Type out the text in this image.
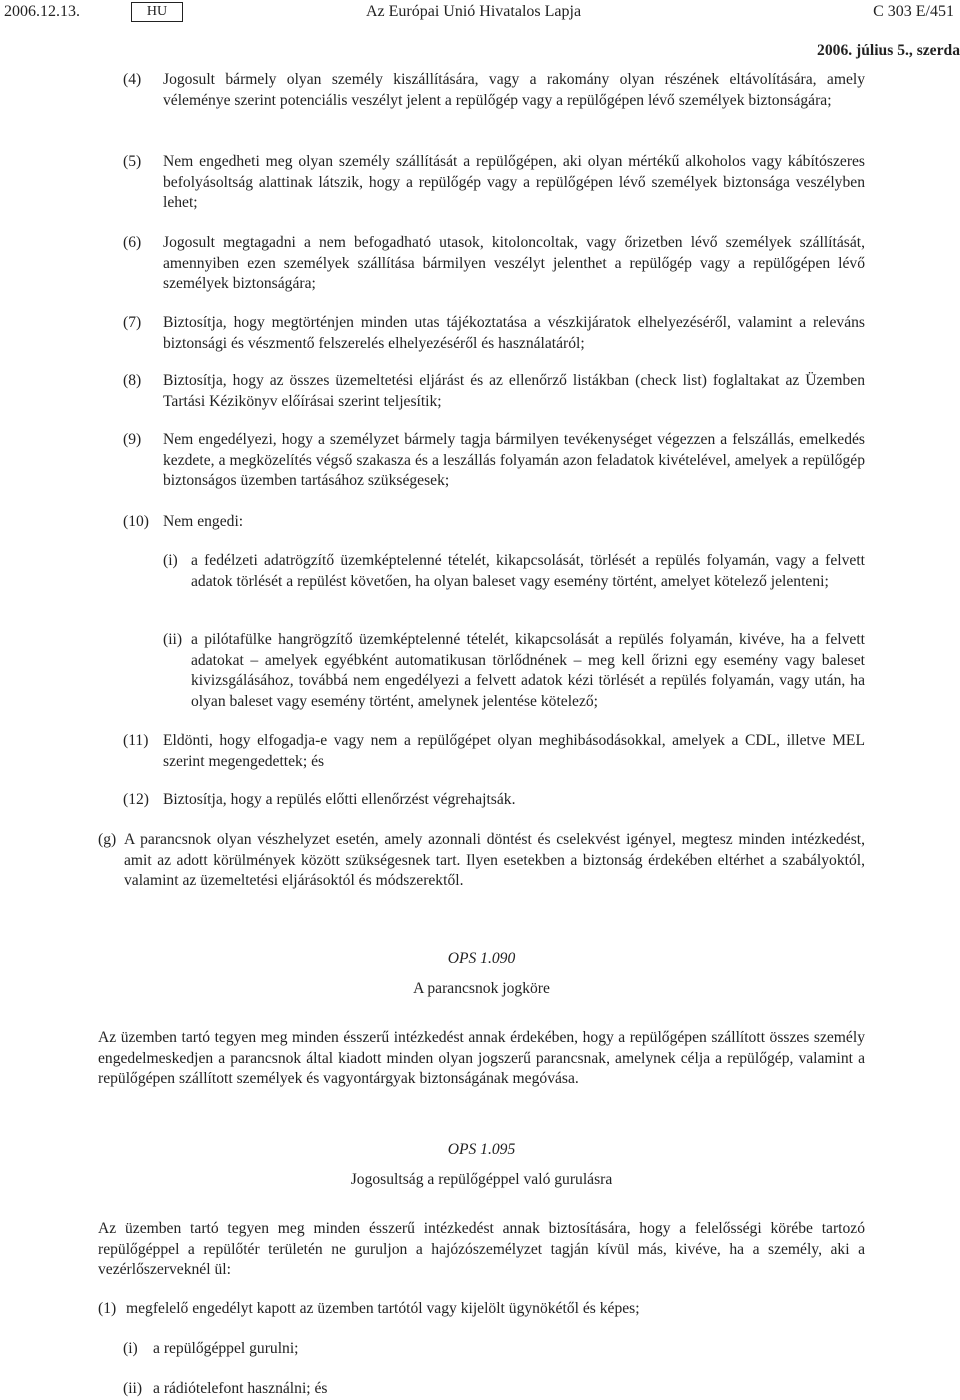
2006.12.13.	HU	Az Európai Unió Hivatalos Lapja	C 303 E/451
2006. július 5., szerda
(4) Jogosult bármely olyan személy kiszállítására, vagy a rakomány olyan részének eltávolítására, amely véleménye szerint potenciális veszélyt jelent a repülőgép vagy a repülőgépen lévő személyek biztonságára;
(5) Nem engedheti meg olyan személy szállítását a repülőgépen, aki olyan mértékű alkoholos vagy kábítószeres befolyásoltság alattinak látszik, hogy a repülőgép vagy a repülőgépen lévő személyek biztonsága veszélyben lehet;
(6) Jogosult megtagadni a nem befogadható utasok, kitoloncoltak, vagy őrizetben lévő személyek szállítását, amennyiben ezen személyek szállítása bármilyen veszélyt jelenthet a repülőgép vagy a repülőgépen lévő személyek biztonságára;
(7) Biztosítja, hogy megtörténjen minden utas tájékoztatása a vészkijáratok elhelyezéséről, valamint a releváns biztonsági és vészmentő felszerelés elhelyezéséről és használatáról;
(8) Biztosítja, hogy az összes üzemeltetési eljárást és az ellenőrző listákban (check list) foglaltakat az Üzemben Tartási Kézikönyv előírásai szerint teljesítik;
(9) Nem engedélyezi, hogy a személyzet bármely tagja bármilyen tevékenységet végezzen a felszállás, emelkedés kezdete, a megközelítés végső szakasza és a leszállás folyamán azon feladatok kivételével, amelyek a repülőgép biztonságos üzemben tartásához szükségesek;
(10) Nem engedi:
(i) a fedélzeti adatrögzítő üzemképtelenné tételét, kikapcsolását, törlését a repülés folyamán, vagy a felvett adatok törlését a repülést követően, ha olyan baleset vagy esemény történt, amelyet kötelező jelenteni;
(ii) a pilótafülke hangrögzítő üzemképtelenné tételét, kikapcsolását a repülés folyamán, kivéve, ha a felvett adatokat – amelyek egyébként automatikusan törlődnének – meg kell őrizni egy esemény vagy baleset kivizsgálásához, továbbá nem engedélyezi a felvett adatok kézi törlését a repülés folyamán, vagy után, ha olyan baleset vagy esemény történt, amelynek jelentése kötelező;
(11) Eldönti, hogy elfogadja-e vagy nem a repülőgépet olyan meghibásodásokkal, amelyek a CDL, illetve MEL szerint megengedettek; és
(12) Biztosítja, hogy a repülés előtti ellenőrzést végrehajtsák.
(g) A parancsnok olyan vészhelyzet esetén, amely azonnali döntést és cselekvést igényel, megtesz minden intézkedést, amit az adott körülmények között szükségesnek tart. Ilyen esetekben a biztonság érdekében eltérhet a szabályoktól, valamint az üzemeltetési eljárásoktól és módszerektől.
OPS 1.090
A parancsnok jogköre
Az üzemben tartó tegyen meg minden ésszerű intézkedést annak érdekében, hogy a repülőgépen szállított összes személy engedelmeskedjen a parancsnok által kiadott minden olyan jogszerű parancsnak, amelynek célja a repülőgép, valamint a repülőgépen szállított személyek és vagyontárgyak biztonságának megóvása.
OPS 1.095
Jogosultság a repülőgéppel való gurulásra
Az üzemben tartó tegyen meg minden ésszerű intézkedést annak biztosítására, hogy a felelősségi körébe tartozó repülőgéppel a repülőtér területén ne guruljon a hajózószemélyzet tagján kívül más, kivéve, ha a személy, aki a vezérlőszerveknél ül:
(1) megfelelő engedélyt kapott az üzemben tartótól vagy kijelölt ügynökétől és képes;
(i) a repülőgéppel gurulni;
(ii) a rádiótelefont használni; és
